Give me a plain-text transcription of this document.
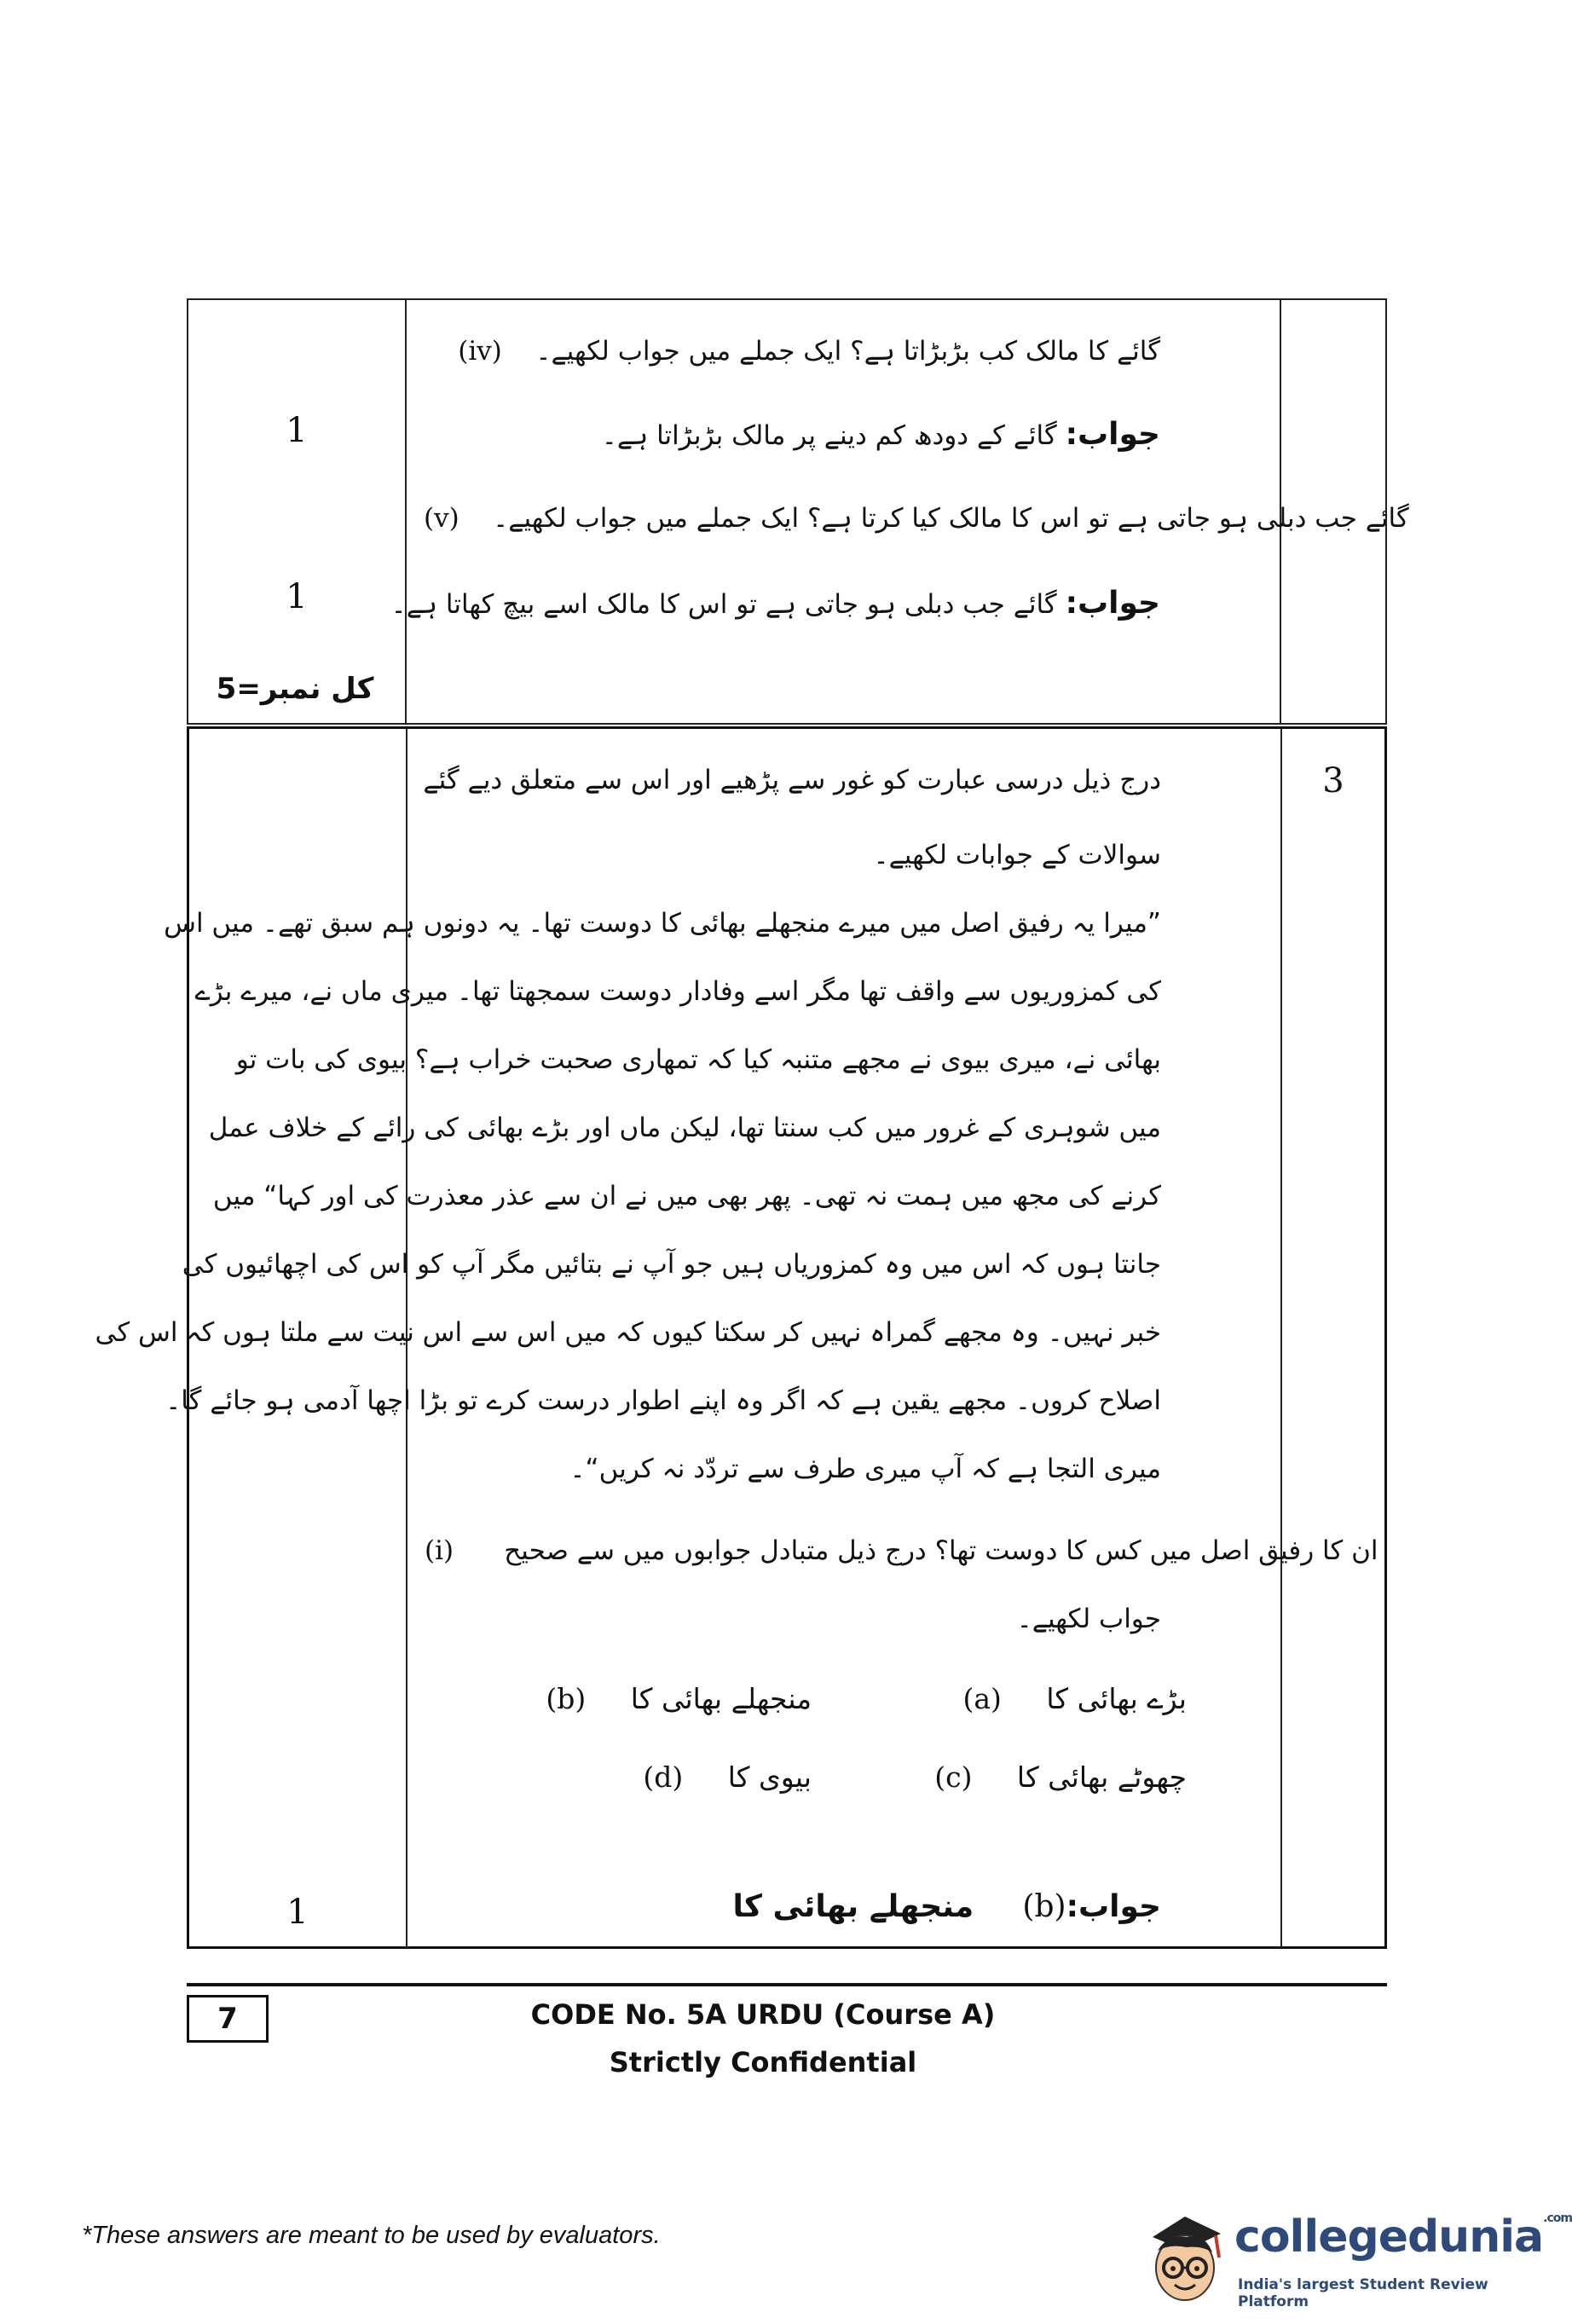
1
1
کل نمبر=5
(iv) گائے کا مالک کب بڑبڑاتا ہے؟ ایک جملے میں جواب لکھیے۔
جواب: گائے کے دودھ کم دینے پر مالک بڑبڑاتا ہے۔
(v) گائے جب دبلی ہو جاتی ہے تو اس کا مالک کیا کرتا ہے؟ ایک جملے میں جواب لکھیے۔
جواب: گائے جب دبلی ہو جاتی ہے تو اس کا مالک اسے بیچ کھاتا ہے۔
3
1
درج ذیل درسی عبارت کو غور سے پڑھیے اور اس سے متعلق دیے گئے
سوالات کے جوابات لکھیے۔
”میرا یہ رفیق اصل میں میرے منجھلے بھائی کا دوست تھا۔ یہ دونوں ہم سبق تھے۔ میں اس
کی کمزوریوں سے واقف تھا مگر اسے وفادار دوست سمجھتا تھا۔ میری ماں نے، میرے بڑے
بھائی نے، میری بیوی نے مجھے متنبہ کیا کہ تمھاری صحبت خراب ہے؟ بیوی کی بات تو
میں شوہری کے غرور میں کب سنتا تھا، لیکن ماں اور بڑے بھائی کی رائے کے خلاف عمل
کرنے کی مجھ میں ہمت نہ تھی۔ پھر بھی میں نے ان سے عذر معذرت کی اور کہا“ میں
جانتا ہوں کہ اس میں وہ کمزوریاں ہیں جو آپ نے بتائیں مگر آپ کو اس کی اچھائیوں کی
خبر نہیں۔ وہ مجھے گمراہ نہیں کر سکتا کیوں کہ میں اس سے اس نیت سے ملتا ہوں کہ اس کی
اصلاح کروں۔ مجھے یقین ہے کہ اگر وہ اپنے اطوار درست کرے تو بڑا اچھا آدمی ہو جائے گا۔
میری التجا ہے کہ آپ میری طرف سے تردّد نہ کریں“۔
(i) ان کا رفیق اصل میں کس کا دوست تھا؟ درج ذیل متبادل جوابوں میں سے صحیح
جواب لکھیے۔
(a) بڑے بھائی کا
(b) منجھلے بھائی کا
(c) چھوٹے بھائی کا
(d) بیوی کا
جواب:(b)     منجھلے بھائی کا
7	CODE No. 5A URDU (Course A)
Strictly Confidential
*These answers are meant to be used by evaluators.	collegedunia$^{.com}$
India's largest Student Review Platform
